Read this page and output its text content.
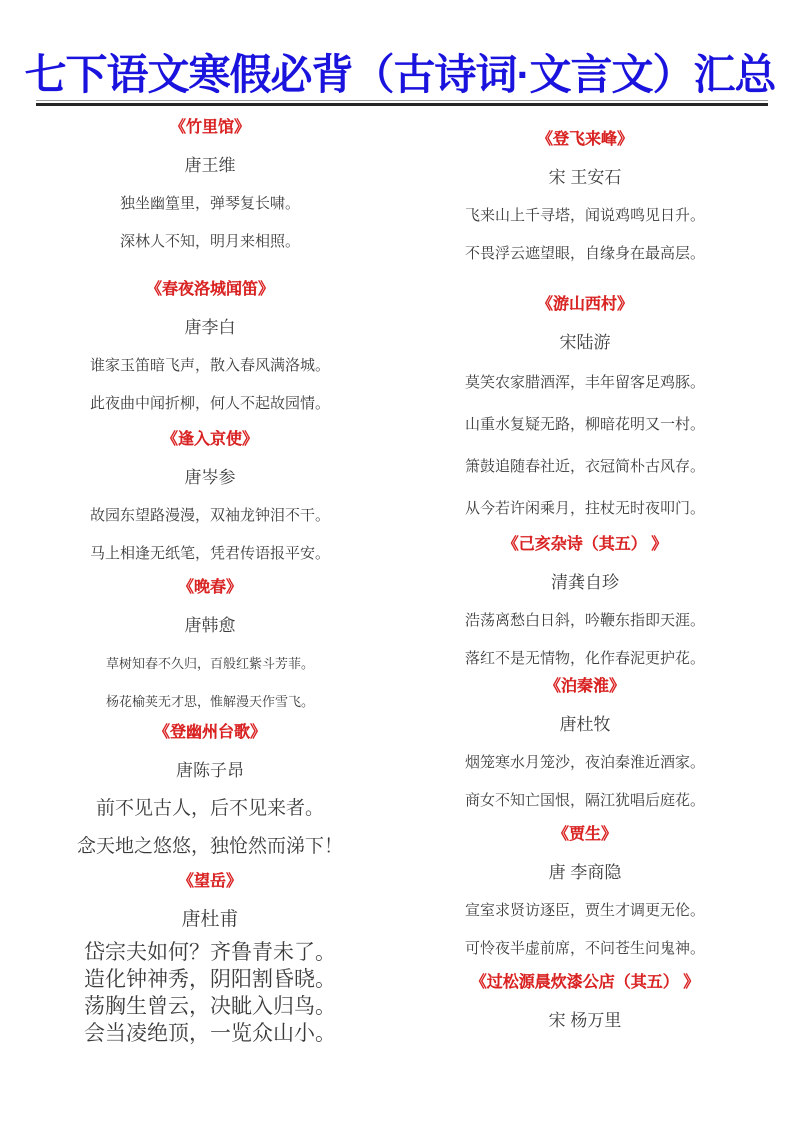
七下语文寒假必背（古诗词·文言文）汇总
《竹里馆》
唐王维
独坐幽篁里，弹琴复长啸。
深林人不知，明月来相照。
《春夜洛城闻笛》
唐李白
谁家玉笛暗飞声，散入春风满洛城。
此夜曲中闻折柳，何人不起故园情。
《逢入京使》
唐岑参
故园东望路漫漫，双袖龙钟泪不干。
马上相逢无纸笔，凭君传语报平安。
《晚春》
唐韩愈
草树知春不久归，百般红紫斗芳菲。
杨花榆荚无才思，惟解漫天作雪飞。
《登幽州台歌》
唐陈子昂
前不见古人，后不见来者。
念天地之悠悠，独怆然而涕下！
《望岳》
唐杜甫
岱宗夫如何？齐鲁青未了。
造化钟神秀，阴阳割昏晓。
荡胸生曾云，决眦入归鸟。
会当凌绝顶，一览众山小。
《登飞来峰》
宋 王安石
飞来山上千寻塔，闻说鸡鸣见日升。
不畏浮云遮望眼，自缘身在最高层。
《游山西村》
宋陆游
莫笑农家腊酒浑，丰年留客足鸡豚。
山重水复疑无路，柳暗花明又一村。
箫鼓追随春社近，衣冠简朴古风存。
从今若许闲乘月，拄杖无时夜叩门。
《己亥杂诗（其五） 》
清龚自珍
浩荡离愁白日斜，吟鞭东指即天涯。
落红不是无情物，化作春泥更护花。
《泊秦淮》
唐杜牧
烟笼寒水月笼沙，夜泊秦淮近酒家。
商女不知亡国恨，隔江犹唱后庭花。
《贾生》
唐 李商隐
宣室求贤访逐臣，贾生才调更无伦。
可怜夜半虚前席，不问苍生问鬼神。
《过松源晨炊漆公店（其五） 》
宋 杨万里
